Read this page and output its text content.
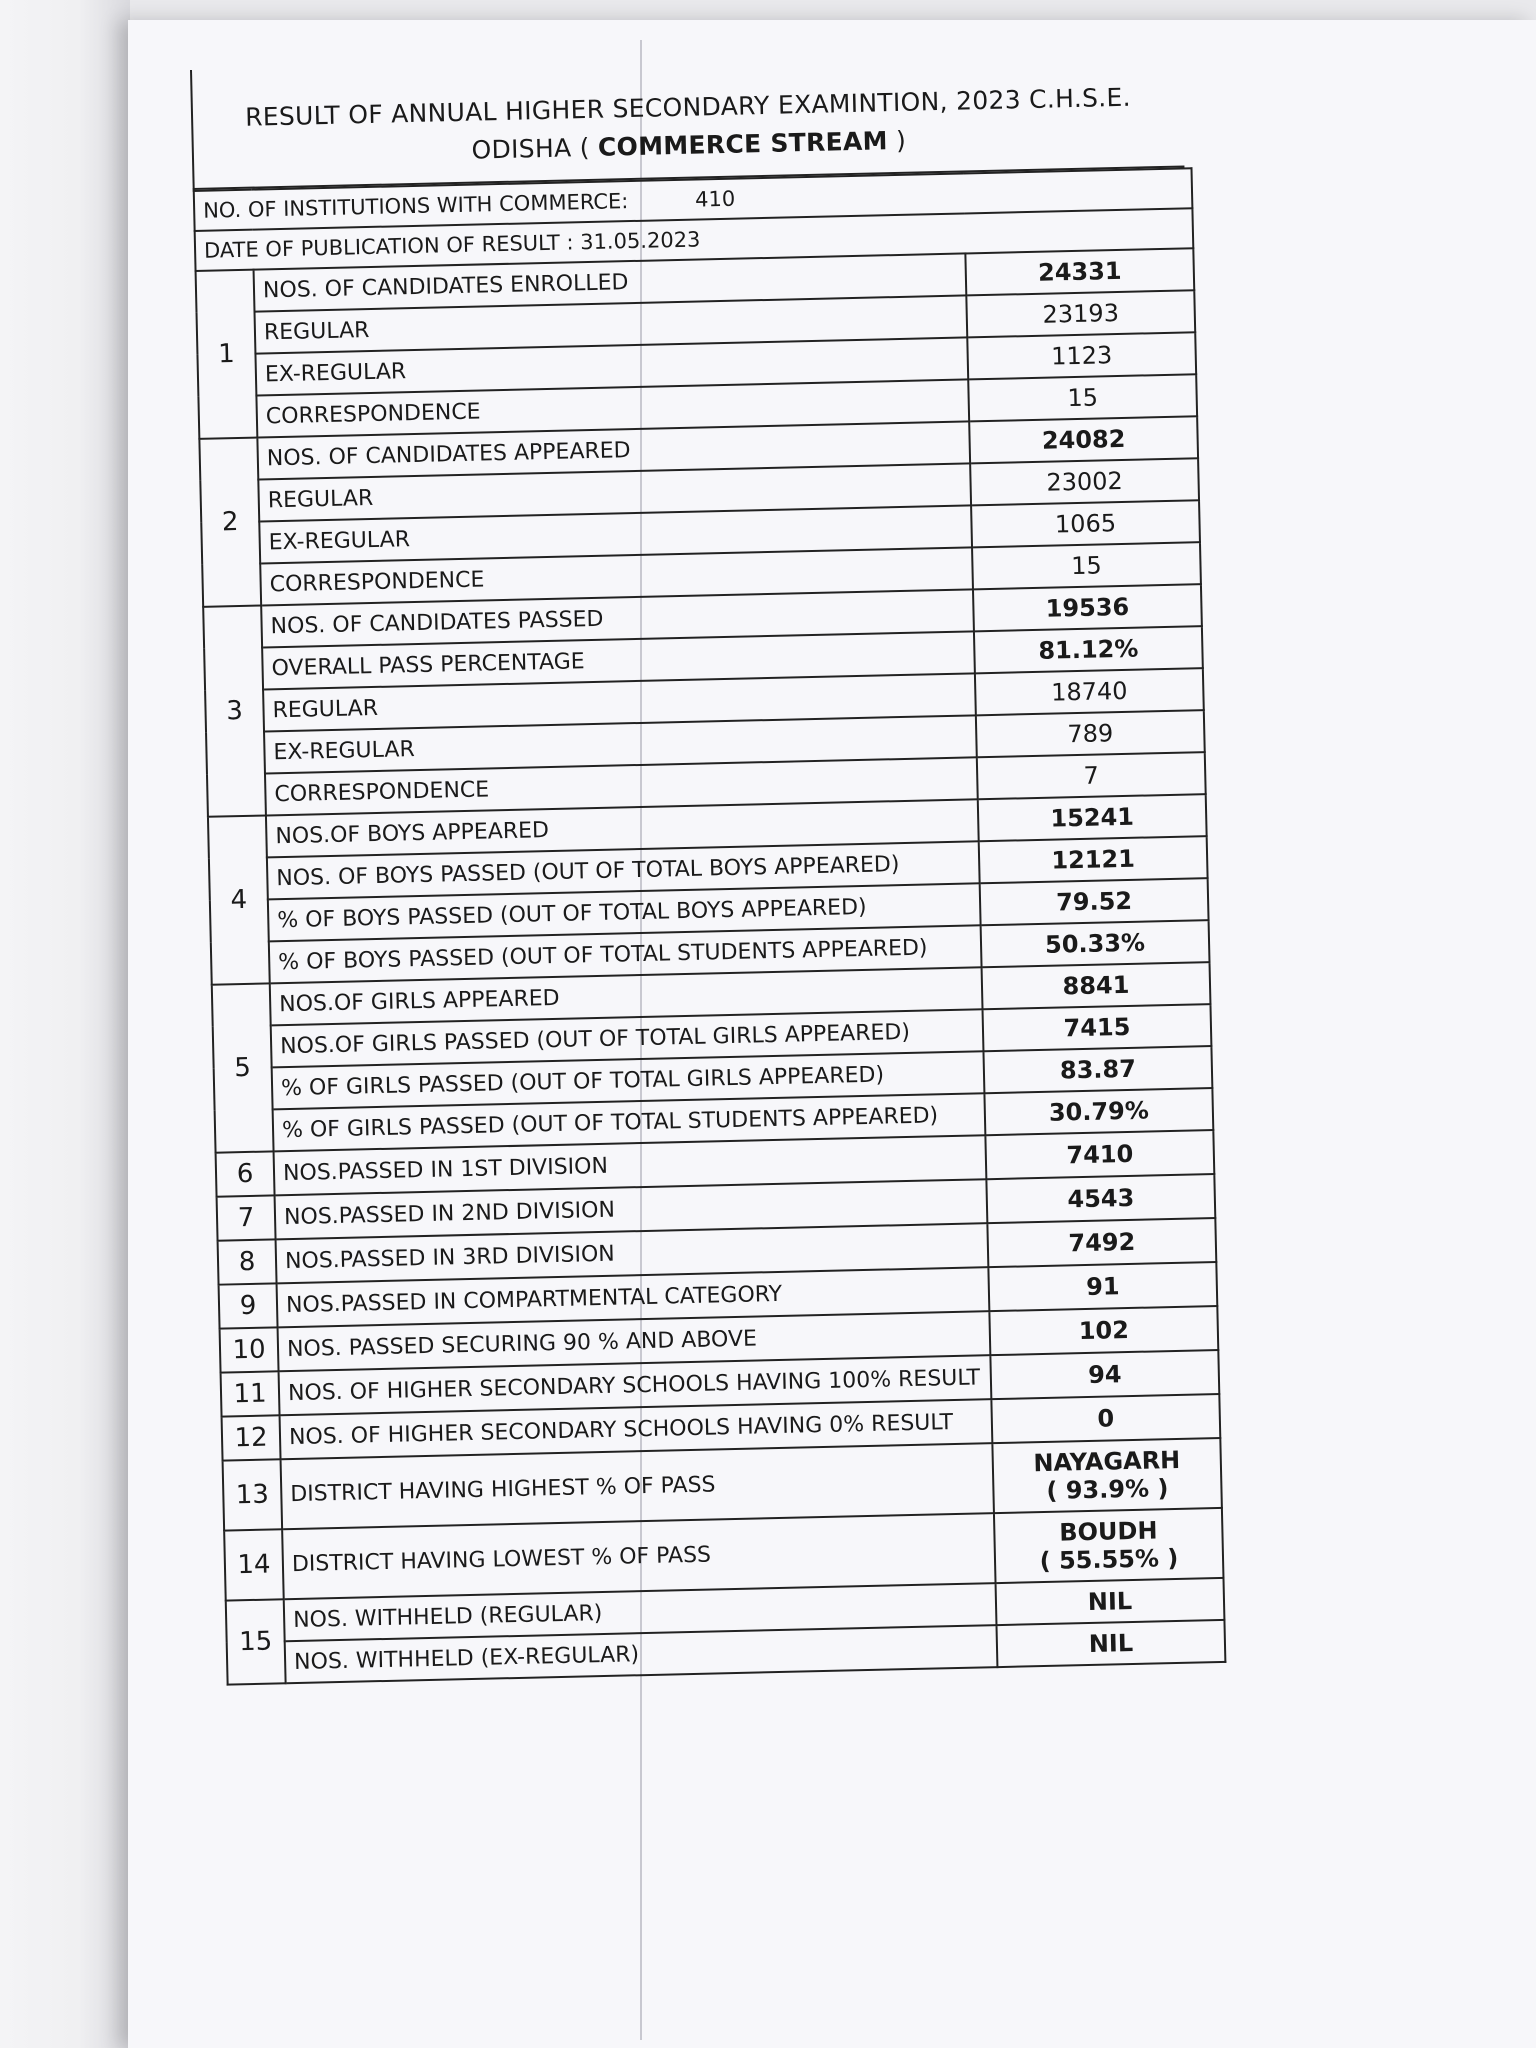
RESULT OF ANNUAL HIGHER SECONDARY EXAMINTION, 2023 C.H.S.E.
ODISHA ( COMMERCE STREAM )
NO. OF INSTITUTIONS WITH COMMERCE: 410		
DATE OF PUBLICATION OF RESULT : 31.05.2023		
1	NOS. OF CANDIDATES ENROLLED	24331
	REGULAR	23193
	EX-REGULAR	1123
	CORRESPONDENCE	15
2	NOS. OF CANDIDATES APPEARED	24082
	REGULAR	23002
	EX-REGULAR	1065
	CORRESPONDENCE	15
3	NOS. OF CANDIDATES PASSED	19536
	OVERALL PASS PERCENTAGE	81.12%
	REGULAR	18740
	EX-REGULAR	789
	CORRESPONDENCE	7
4	NOS.OF BOYS APPEARED	15241
	NOS. OF BOYS PASSED (OUT OF TOTAL BOYS APPEARED)	12121
	% OF BOYS PASSED (OUT OF TOTAL BOYS APPEARED)	79.52
	% OF BOYS PASSED (OUT OF TOTAL STUDENTS APPEARED)	50.33%
5	NOS.OF GIRLS APPEARED	8841
	NOS.OF GIRLS PASSED (OUT OF TOTAL GIRLS APPEARED)	7415
	% OF GIRLS PASSED (OUT OF TOTAL GIRLS APPEARED)	83.87
	% OF GIRLS PASSED (OUT OF TOTAL STUDENTS APPEARED)	30.79%
6	NOS.PASSED IN 1ST DIVISION	7410
7	NOS.PASSED IN 2ND DIVISION	4543
8	NOS.PASSED IN 3RD DIVISION	7492
9	NOS.PASSED IN COMPARTMENTAL CATEGORY	91
10	NOS. PASSED SECURING 90 % AND ABOVE	102
11	NOS. OF HIGHER SECONDARY SCHOOLS HAVING 100% RESULT	94
12	NOS. OF HIGHER SECONDARY SCHOOLS HAVING 0% RESULT	0
13	DISTRICT HAVING HIGHEST % OF PASS	NAYAGARH
( 93.9% )

14	DISTRICT HAVING LOWEST % OF PASS	BOUDH
( 55.55% )

15	NOS. WITHHELD (REGULAR)	NIL
	NOS. WITHHELD (EX-REGULAR)	NIL
